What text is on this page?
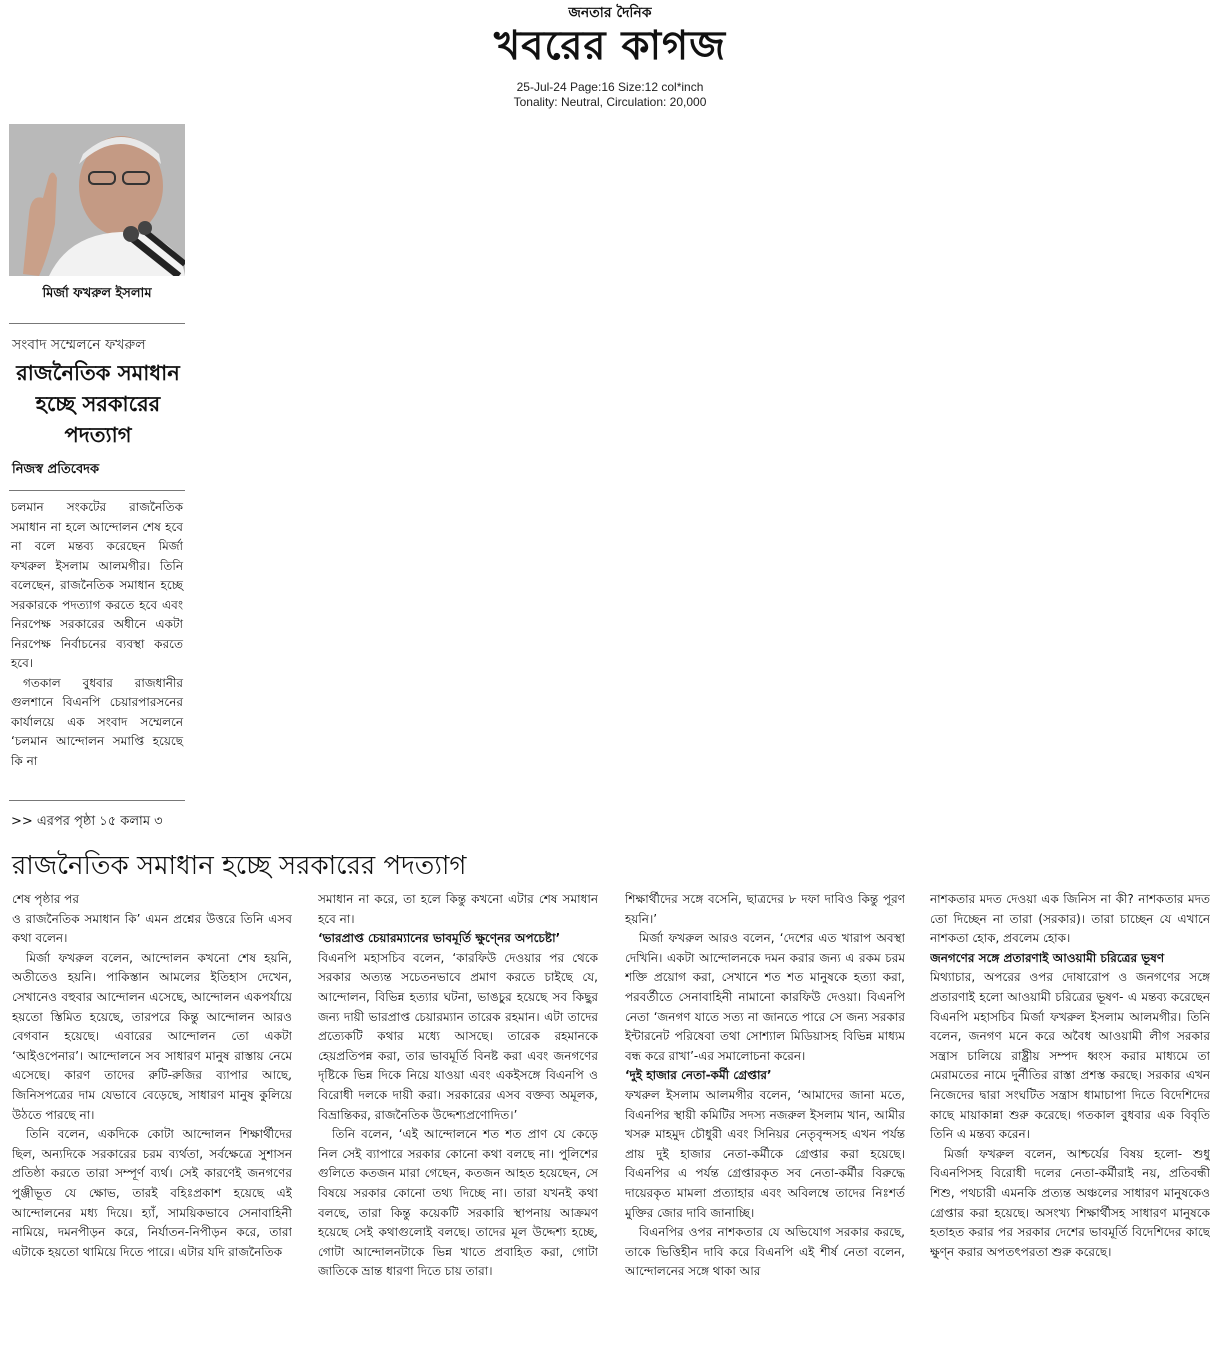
জনতার দৈনিক
খবরের কাগজ
25-Jul-24 Page:16 Size:12 col*inch
Tonality: Neutral, Circulation: 20,000
মির্জা ফখরুল ইসলাম
সংবাদ সম্মেলনে ফখরুল
রাজনৈতিক সমাধান হচ্ছে সরকারের পদত্যাগ
নিজস্ব প্রতিবেদক

চলমান সংকটের রাজনৈতিক সমাধান না হলে আন্দোলন শেষ হবে না বলে মন্তব্য করেছেন মির্জা ফখরুল ইসলাম আলমগীর। তিনি বলেছেন, রাজনৈতিক সমাধান হচ্ছে সরকারকে পদত্যাগ করতে হবে এবং নিরপেক্ষ সরকারের অধীনে একটা নিরপেক্ষ নির্বাচনের ব্যবস্থা করতে হবে।

গতকাল বুধবার রাজধানীর গুলশানে বিএনপি চেয়ারপারসনের কার্যালয়ে এক সংবাদ সম্মেলনে ‘চলমান আন্দোলন সমাপ্তি হয়েছে কি না

>> এরপর পৃষ্ঠা ১৫ কলাম ৩
রাজনৈতিক সমাধান হচ্ছে সরকারের পদত্যাগ

শেষ পৃষ্ঠার পর

ও রাজনৈতিক সমাধান কি’ এমন প্রশ্নের উত্তরে তিনি এসব কথা বলেন।

মির্জা ফখরুল বলেন, আন্দোলন কখনো শেষ হয়নি, অতীতেও হয়নি। পাকিস্তান আমলের ইতিহাস দেখেন, সেখানেও বহুবার আন্দোলন এসেছে, আন্দোলন একপর্যায়ে হয়তো স্তিমিত হয়েছে, তারপরে কিন্তু আন্দোলন আরও বেগবান হয়েছে। এবারের আন্দোলন তো একটা ‘আইওপেনার’। আন্দোলনে সব সাধারণ মানুষ রাস্তায় নেমে এসেছে। কারণ তাদের রুটি-রুজির ব্যাপার আছে, জিনিসপত্রের দাম যেভাবে বেড়েছে, সাধারণ মানুষ কুলিয়ে উঠতে পারছে না।

তিনি বলেন, একদিকে কোটা আন্দোলন শিক্ষার্থীদের ছিল, অন্যদিকে সরকারের চরম ব্যর্থতা, সর্বক্ষেত্রে সুশাসন প্রতিষ্ঠা করতে তারা সম্পূর্ণ ব্যর্থ। সেই কারণেই জনগণের পুঞ্জীভূত যে ক্ষোভ, তারই বহিঃপ্রকাশ হয়েছে এই আন্দোলনের মধ্য দিয়ে। হ্যাঁ, সাময়িকভাবে সেনাবাহিনী নামিয়ে, দমনপীড়ন করে, নির্যাতন-নিপীড়ন করে, তারা এটাকে হয়তো থামিয়ে দিতে পারে। এটার যদি রাজনৈতিক

সমাধান না করে, তা হলে কিন্তু কখনো এটার শেষ সমাধান হবে না।

‘ভারপ্রাপ্ত চেয়ারম্যানের ভাবমূর্তি ক্ষুণ্নের অপচেষ্টা’

বিএনপি মহাসচিব বলেন, ‘কারফিউ দেওয়ার পর থেকে সরকার অত্যন্ত সচেতনভাবে প্রমাণ করতে চাইছে যে, আন্দোলন, বিভিন্ন হত্যার ঘটনা, ভাঙচুর হয়েছে সব কিছুর জন্য দায়ী ভারপ্রাপ্ত চেয়ারম্যান তারেক রহমান। এটা তাদের প্রত্যেকটি কথার মধ্যে আসছে। তারেক রহমানকে হেয়প্রতিপন্ন করা, তার ভাবমূর্তি বিনষ্ট করা এবং জনগণের দৃষ্টিকে ভিন্ন দিকে নিয়ে যাওয়া এবং একইসঙ্গে বিএনপি ও বিরোধী দলকে দায়ী করা। সরকারের এসব বক্তব্য অমূলক, বিভ্রান্তিকর, রাজনৈতিক উদ্দেশ্যপ্রণোদিত।’

তিনি বলেন, ‘এই আন্দোলনে শত শত প্রাণ যে কেড়ে নিল সেই ব্যাপারে সরকার কোনো কথা বলছে না। পুলিশের গুলিতে কতজন মারা গেছেন, কতজন আহত হয়েছেন, সে বিষয়ে সরকার কোনো তথ্য দিচ্ছে না। তারা যখনই কথা বলছে, তারা কিন্তু কয়েকটি সরকারি স্থাপনায় আক্রমণ হয়েছে সেই কথাগুলোই বলছে। তাদের মূল উদ্দেশ্য হচ্ছে, গোটা আন্দোলনটাকে ভিন্ন খাতে প্রবাহিত করা, গোটা জাতিকে ভ্রান্ত ধারণা দিতে চায় তারা।

শিক্ষার্থীদের সঙ্গে বসেনি, ছাত্রদের ৮ দফা দাবিও কিন্তু পূরণ হয়নি।’

মির্জা ফখরুল আরও বলেন, ‘দেশের এত খারাপ অবস্থা দেখিনি। একটা আন্দোলনকে দমন করার জন্য এ রকম চরম শক্তি প্রয়োগ করা, সেখানে শত শত মানুষকে হত্যা করা, পরবর্তীতে সেনাবাহিনী নামানো কারফিউ দেওয়া। বিএনপি নেতা ‘জনগণ যাতে সত্য না জানতে পারে সে জন্য সরকার ইন্টারনেট পরিষেবা তথা সোশ্যাল মিডিয়াসহ বিভিন্ন মাধ্যম বন্ধ করে রাখা’-এর সমালোচনা করেন।

‘দুই হাজার নেতা-কর্মী গ্রেপ্তার’

ফখরুল ইসলাম আলমগীর বলেন, ‘আমাদের জানা মতে, বিএনপির স্থায়ী কমিটির সদস্য নজরুল ইসলাম খান, আমীর খসরু মাহমুদ চৌধুরী এবং সিনিয়র নেতৃবৃন্দসহ এখন পর্যন্ত প্রায় দুই হাজার নেতা-কর্মীকে গ্রেপ্তার করা হয়েছে। বিএনপির এ পর্যন্ত গ্রেপ্তারকৃত সব নেতা-কর্মীর বিরুদ্ধে দায়েরকৃত মামলা প্রত্যাহার এবং অবিলম্বে তাদের নিঃশর্ত মুক্তির জোর দাবি জানাচ্ছি।

বিএনপির ওপর নাশকতার যে অভিযোগ সরকার করছে, তাকে ভিত্তিহীন দাবি করে বিএনপি এই শীর্ষ নেতা বলেন, আন্দোলনের সঙ্গে থাকা আর

নাশকতার মদত দেওয়া এক জিনিস না কী? নাশকতার মদত তো দিচ্ছেন না তারা (সরকার)। তারা চাচ্ছেন যে এখানে নাশকতা হোক, প্রবলেম হোক।

জনগণের সঙ্গে প্রতারণাই আওয়ামী চরিত্রের ভূষণ

মিথ্যাচার, অপরের ওপর দোষারোপ ও জনগণের সঙ্গে প্রতারণাই হলো আওয়ামী চরিত্রের ভূষণ- এ মন্তব্য করেছেন বিএনপি মহাসচিব মির্জা ফখরুল ইসলাম আলমগীর। তিনি বলেন, জনগণ মনে করে অবৈধ আওয়ামী লীগ সরকার সন্ত্রাস চালিয়ে রাষ্ট্রীয় সম্পদ ধ্বংস করার মাধ্যমে তা মেরামতের নামে দুর্নীতির রাস্তা প্রশস্ত করছে। সরকার এখন নিজেদের দ্বারা সংঘটিত সন্ত্রাস ধামাচাপা দিতে বিদেশিদের কাছে মায়াকান্না শুরু করেছে। গতকাল বুধবার এক বিবৃতি তিনি এ মন্তব্য করেন।

মির্জা ফখরুল বলেন, আশ্চর্যের বিষয় হলো- শুধু বিএনপিসহ বিরোধী দলের নেতা-কর্মীরাই নয়, প্রতিবন্ধী শিশু, পথচারী এমনকি প্রত্যন্ত অঞ্চলের সাধারণ মানুষকেও গ্রেপ্তার করা হয়েছে। অসংখ্য শিক্ষার্থীসহ সাধারণ মানুষকে হতাহত করার পর সরকার দেশের ভাবমূর্তি বিদেশিদের কাছে ক্ষুণ্ন করার অপতৎপরতা শুরু করেছে।
